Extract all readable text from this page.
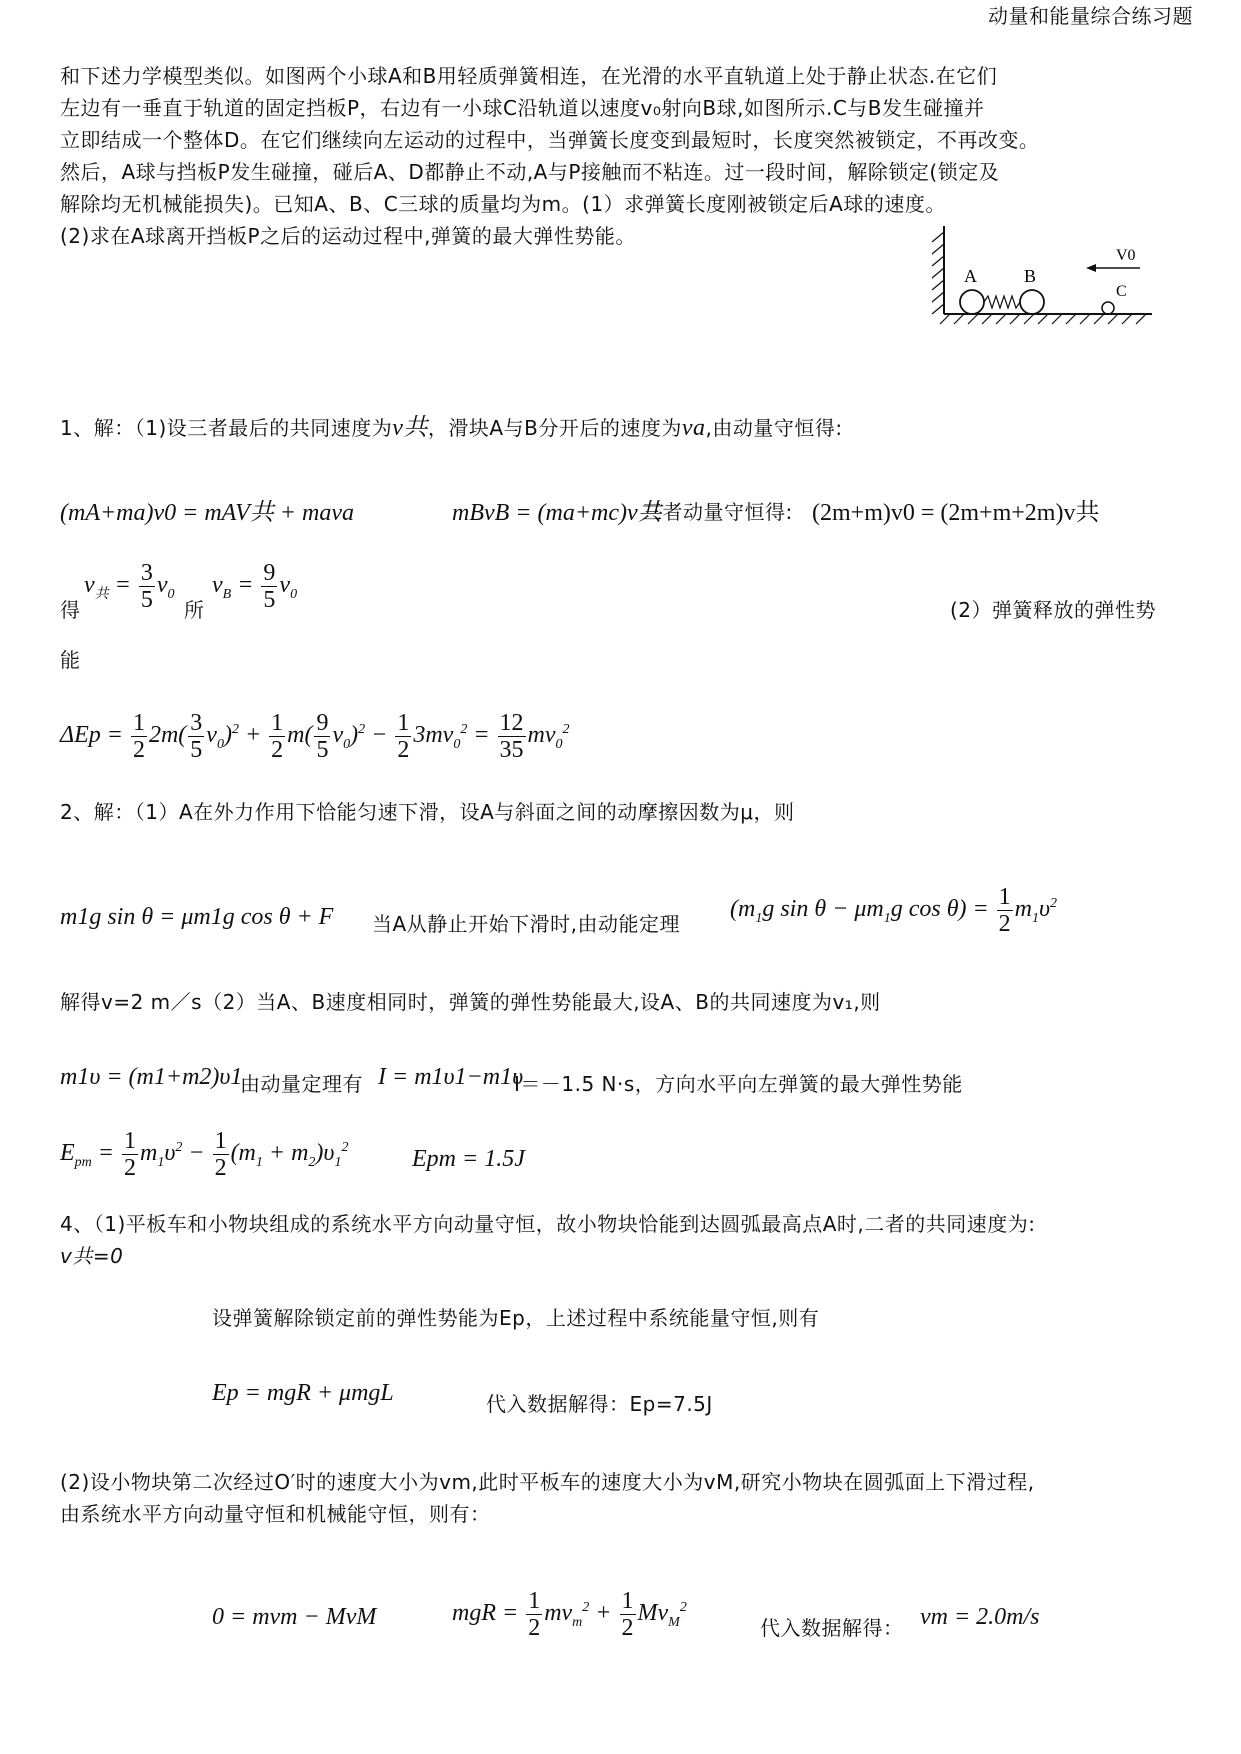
动量和能量综合练习题
和下述力学模型类似。如图两个小球A和B用轻质弹簧相连，在光滑的水平直轨道上处于静止状态.在它们
左边有一垂直于轨道的固定挡板P，右边有一小球C沿轨道以速度v₀射向B球,如图所示.C与B发生碰撞并
立即结成一个整体D。在它们继续向左运动的过程中，当弹簧长度变到最短时，长度突然被锁定，不再改变。
然后，A球与挡板P发生碰撞，碰后A、D都静止不动,A与P接触而不粘连。过一段时间，解除锁定(锁定及
解除均无机械能损失)。已知A、B、C三球的质量均为m。(1）求弹簧长度刚被锁定后A球的速度。
(2)求在A球离开挡板P之后的运动过程中,弹簧的最大弹性势能。
A	B
C
V0
1、解：（1)设三者最后的共同速度为v共，滑块A与B分开后的速度为va,由动量守恒得:
(mA+ma)v0 = mAV共 + mava	mBvB = (ma+mc)v共
三者动量守恒得: (2m+m)v0 = (2m+m+2m)v共
得
$v_共 = \frac{3}{5} v_0$
所
$v_B = \frac{9}{5} v_0$
(2）弹簧释放的弹性势
能
$\Delta Ep = \frac{1}{2} 2m( \frac{3}{5} v_0)^2 + \frac{1}{2} m( \frac{9}{5} v_0)^2 - \frac{1}{2} 3mv_0^2 = \frac{12}{35} mv_0^2$
2、解：（1）A在外力作用下恰能匀速下滑，设A与斜面之间的动摩擦因数为μ，则
m1g sin θ = μm1g cos θ + F 当A从静止开始下滑时,由动能定理
($m_1g$ $\sin \theta - \mu m_1g$ $\cos \theta) = \frac{1}{2} m_1\upsilon^2$
解得v=2 m／s（2）当A、B速度相同时，弹簧的弹性势能最大,设A、B的共同速度为v₁,则
m1υ = (m1+m2)υ1
由动量定理有 I = m1υ1−m1υ
I＝－1.5 N·s，方向水平向左弹簧的最大弹性势能
$E_{pm} = \frac{1}{2} m_1\upsilon^2 - \frac{1}{2} (m_1 + m_2)\upsilon_1^2$	Epm = 1.5J
4、（1)平板车和小物块组成的系统水平方向动量守恒，故小物块恰能到达圆弧最高点A时,二者的共同速度为:
v共=0
设弹簧解除锁定前的弹性势能为Ep，上述过程中系统能量守恒,则有
Ep = mgR + μmgL	代入数据解得：Ep=7.5J
(2)设小物块第二次经过O′时的速度大小为vm,此时平板车的速度大小为vM,研究小物块在圆弧面上下滑过程,
由系统水平方向动量守恒和机械能守恒，则有：
0 = mvm − MvM	mgR = $\frac{1}{2} mv_m^2 + \frac{1}{2} Mv_M^2$
代入数据解得： vm = 2.0m/s
